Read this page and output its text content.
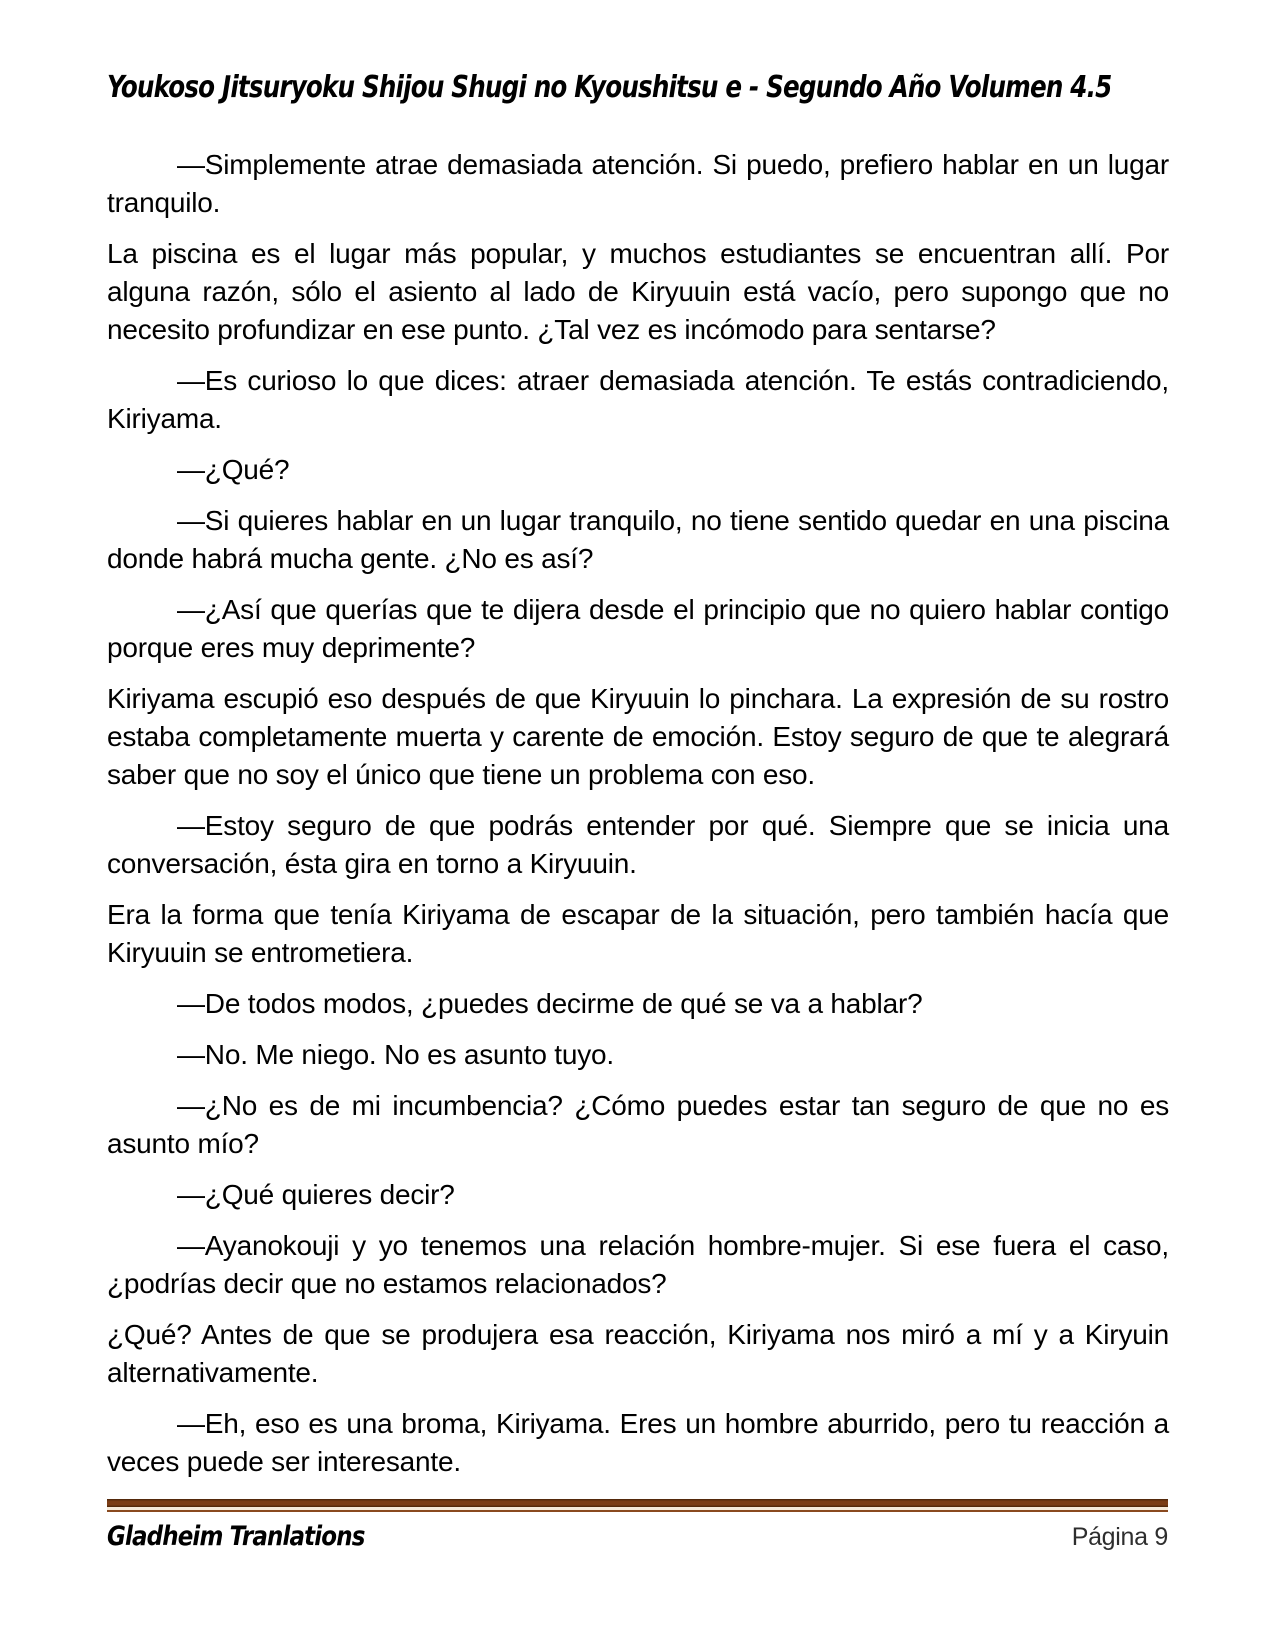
Youkoso Jitsuryoku Shijou Shugi no Kyoushitsu e - Segundo Año Volumen 4.5

—Simplemente atrae demasiada atención. Si puedo, prefiero hablar en un lugar tranquilo.

La piscina es el lugar más popular, y muchos estudiantes se encuentran allí. Por alguna razón, sólo el asiento al lado de Kiryuuin está vacío, pero supongo que no necesito profundizar en ese punto. ¿Tal vez es incómodo para sentarse?

—Es curioso lo que dices: atraer demasiada atención. Te estás contradiciendo, Kiriyama.

—¿Qué?

—Si quieres hablar en un lugar tranquilo, no tiene sentido quedar en una piscina donde habrá mucha gente. ¿No es así?

—¿Así que querías que te dijera desde el principio que no quiero hablar contigo porque eres muy deprimente?

Kiriyama escupió eso después de que Kiryuuin lo pinchara. La expresión de su rostro estaba completamente muerta y carente de emoción. Estoy seguro de que te alegrará saber que no soy el único que tiene un problema con eso.

—Estoy seguro de que podrás entender por qué. Siempre que se inicia una conversación, ésta gira en torno a Kiryuuin.

Era la forma que tenía Kiriyama de escapar de la situación, pero también hacía que Kiryuuin se entrometiera.

—De todos modos, ¿puedes decirme de qué se va a hablar?

—No. Me niego. No es asunto tuyo.

—¿No es de mi incumbencia? ¿Cómo puedes estar tan seguro de que no es asunto mío?

—¿Qué quieres decir?

—Ayanokouji y yo tenemos una relación hombre-mujer. Si ese fuera el caso, ¿podrías decir que no estamos relacionados?

¿Qué? Antes de que se produjera esa reacción, Kiriyama nos miró a mí y a Kiryuin alternativamente.

—Eh, eso es una broma, Kiriyama. Eres un hombre aburrido, pero tu reacción a veces puede ser interesante.

Gladheim Tranlations	Página 9
